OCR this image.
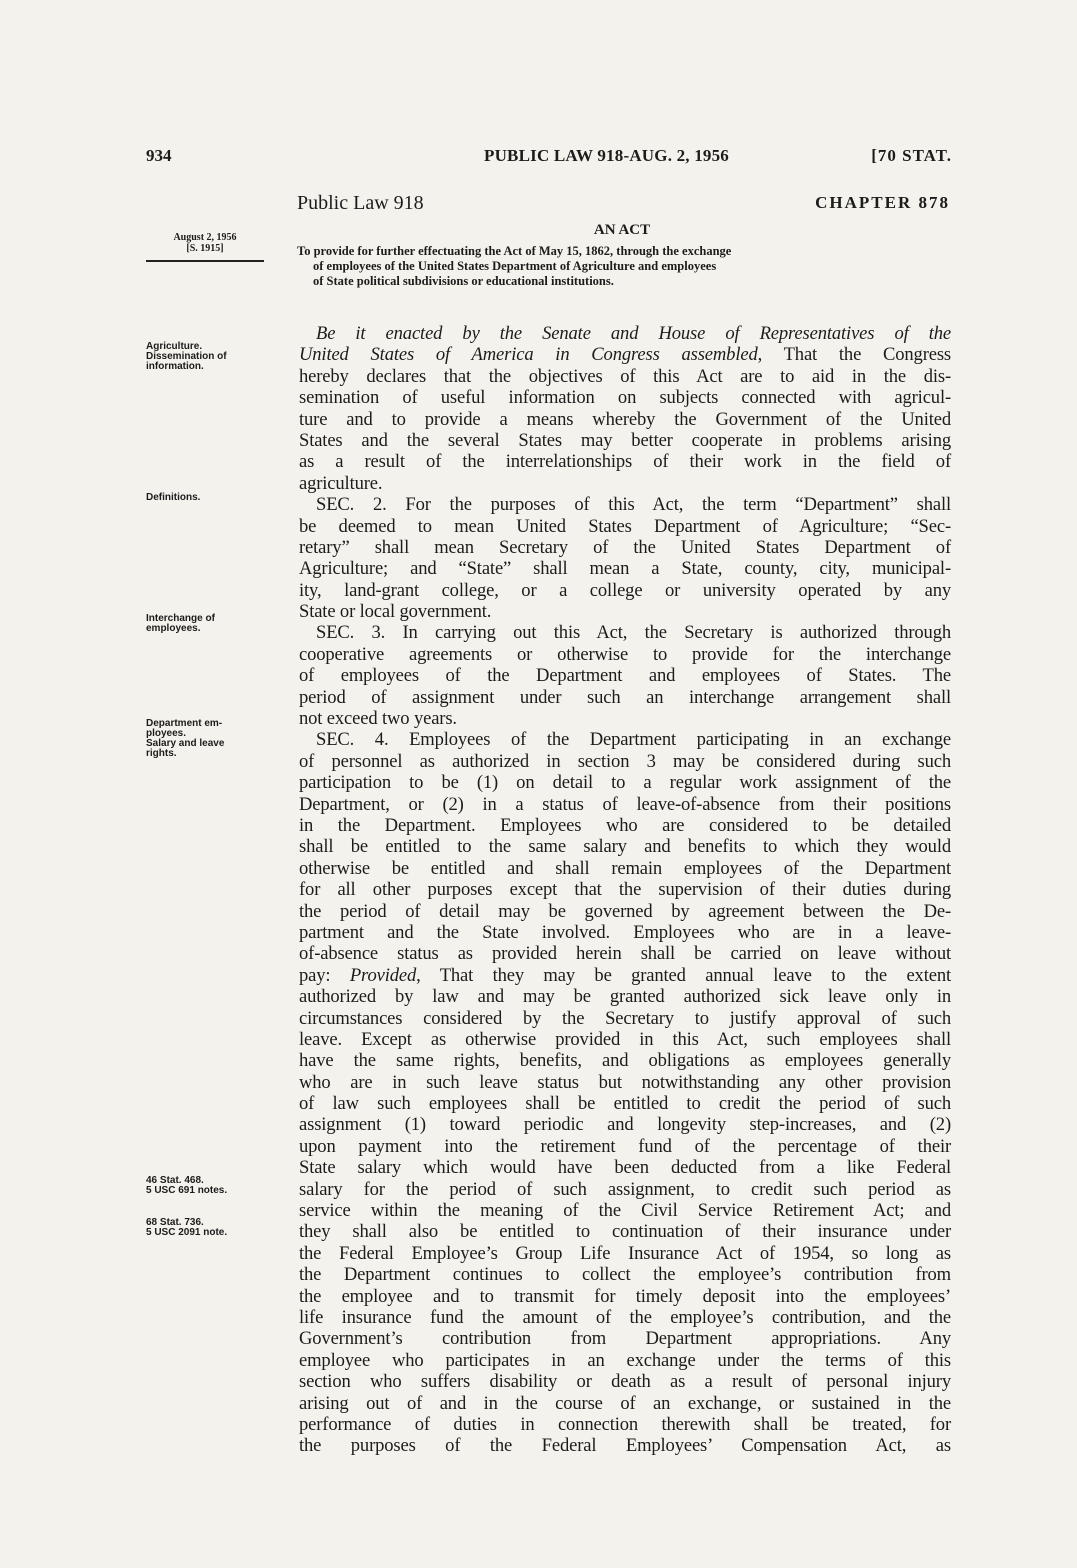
934	PUBLIC LAW 918-AUG. 2, 1956	[70 STAT.
Public Law 918	CHAPTER 878
August 2, 1956
[S. 1915]
AN ACT
To provide for further effectuating the Act of May 15, 1862, through the exchange
of employees of the United States Department of Agriculture and employees
of State political subdivisions or educational institutions.
Agriculture.
Dissemination of
information.
Definitions.
Interchange of
employees.
Department em-
ployees.
Salary and leave
rights.
46 Stat. 468.
5 USC 691 notes.
68 Stat. 736.
5 USC 2091 note.
Be it enacted by the Senate and House of Representatives of the
United States of America in Congress assembled, That the Congress
hereby declares that the objectives of this Act are to aid in the dis-
semination of useful information on subjects connected with agricul-
ture and to provide a means whereby the Government of the United
States and the several States may better cooperate in problems arising
as a result of the interrelationships of their work in the field of
agriculture.
SEC. 2. For the purposes of this Act, the term “Department” shall
be deemed to mean United States Department of Agriculture; “Sec-
retary” shall mean Secretary of the United States Department of
Agriculture; and “State” shall mean a State, county, city, municipal-
ity, land-grant college, or a college or university operated by any
State or local government.
SEC. 3. In carrying out this Act, the Secretary is authorized through
cooperative agreements or otherwise to provide for the interchange
of employees of the Department and employees of States. The
period of assignment under such an interchange arrangement shall
not exceed two years.
SEC. 4. Employees of the Department participating in an exchange
of personnel as authorized in section 3 may be considered during such
participation to be (1) on detail to a regular work assignment of the
Department, or (2) in a status of leave-of-absence from their positions
in the Department. Employees who are considered to be detailed
shall be entitled to the same salary and benefits to which they would
otherwise be entitled and shall remain employees of the Department
for all other purposes except that the supervision of their duties during
the period of detail may be governed by agreement between the De-
partment and the State involved. Employees who are in a leave-
of-absence status as provided herein shall be carried on leave without
pay: Provided, That they may be granted annual leave to the extent
authorized by law and may be granted authorized sick leave only in
circumstances considered by the Secretary to justify approval of such
leave. Except as otherwise provided in this Act, such employees shall
have the same rights, benefits, and obligations as employees generally
who are in such leave status but notwithstanding any other provision
of law such employees shall be entitled to credit the period of such
assignment (1) toward periodic and longevity step-increases, and (2)
upon payment into the retirement fund of the percentage of their
State salary which would have been deducted from a like Federal
salary for the period of such assignment, to credit such period as
service within the meaning of the Civil Service Retirement Act; and
they shall also be entitled to continuation of their insurance under
the Federal Employee’s Group Life Insurance Act of 1954, so long as
the Department continues to collect the employee’s contribution from
the employee and to transmit for timely deposit into the employees’
life insurance fund the amount of the employee’s contribution, and the
Government’s contribution from Department appropriations. Any
employee who participates in an exchange under the terms of this
section who suffers disability or death as a result of personal injury
arising out of and in the course of an exchange, or sustained in the
performance of duties in connection therewith shall be treated, for
the purposes of the Federal Employees’ Compensation Act, as
